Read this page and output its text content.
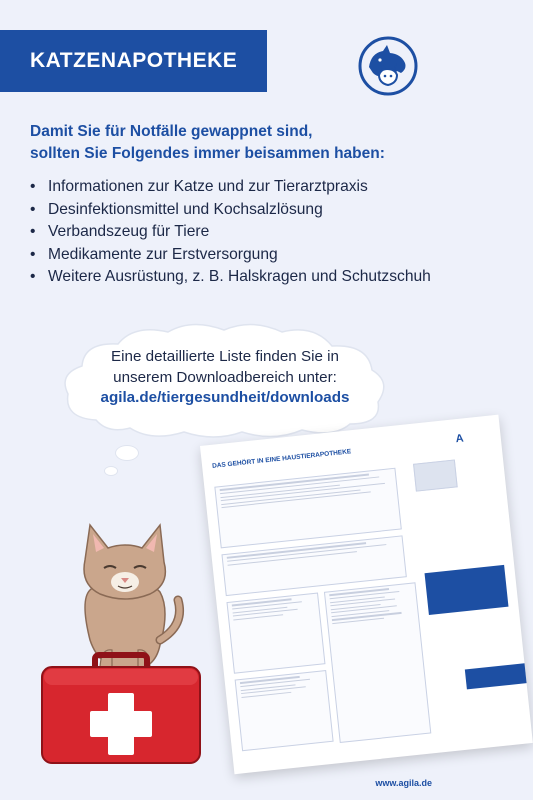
KATZENAPOTHEKE
Damit Sie für Notfälle gewappnet sind,
sollten Sie Folgendes immer beisammen haben:
• Informationen zur Katze und zur Tierarztpraxis
• Desinfektionsmittel und Kochsalzlösung
• Verbandszeug für Tiere
• Medikamente zur Erstversorgung
• Weitere Ausrüstung, z. B. Halskragen und Schutzschuh
Eine detaillierte Liste finden Sie in
unserem Downloadbereich unter:
agila.de/tiergesundheit/downloads
DAS GEHÖRT IN EINE HAUSTIERAPOTHEKE
A
www.agila.de
